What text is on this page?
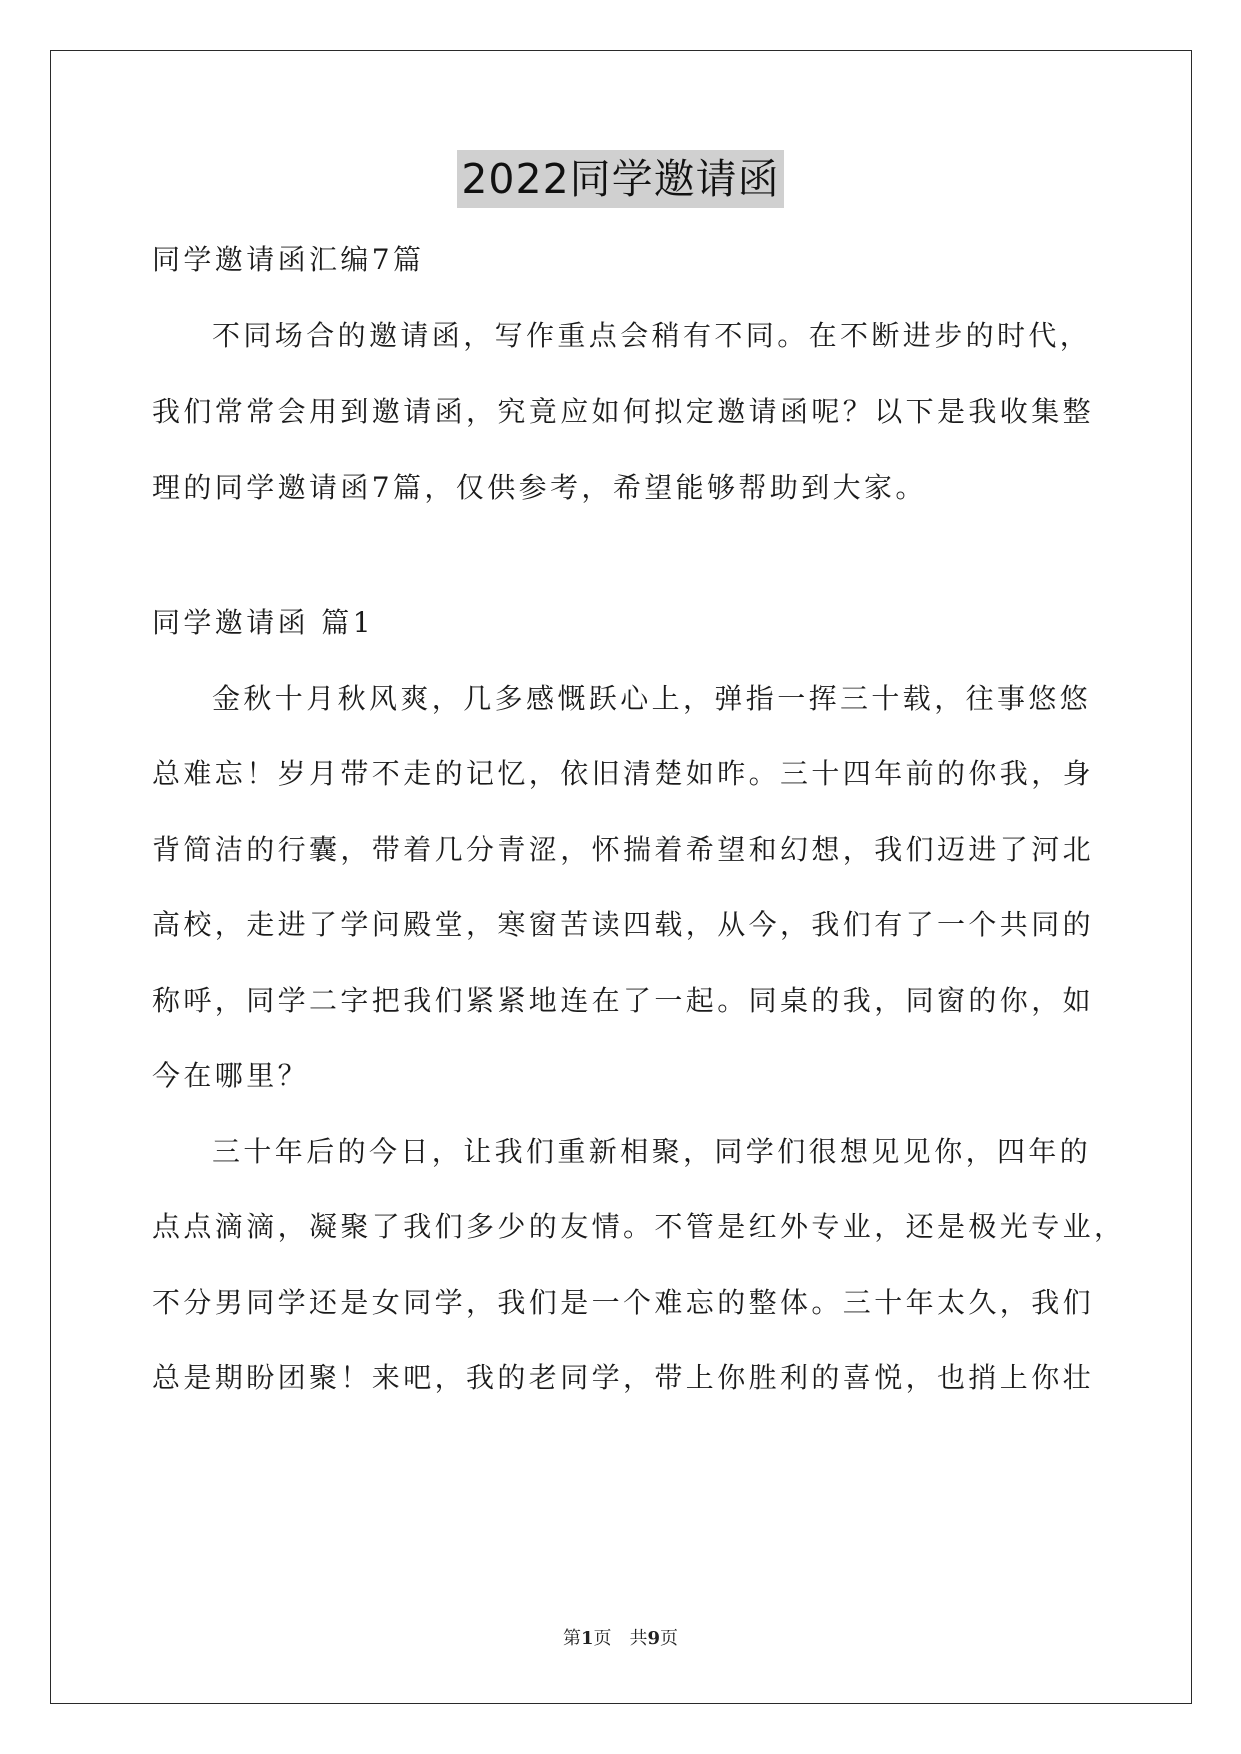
2022同学邀请函
同学邀请函汇编7篇
不同场合的邀请函，写作重点会稍有不同。在不断进步的时代，
我们常常会用到邀请函，究竟应如何拟定邀请函呢？以下是我收集整
理的同学邀请函7篇，仅供参考，希望能够帮助到大家。
同学邀请函 篇1
金秋十月秋风爽，几多感慨跃心上，弹指一挥三十载，往事悠悠
总难忘！岁月带不走的记忆，依旧清楚如昨。三十四年前的你我，身
背简洁的行囊，带着几分青涩，怀揣着希望和幻想，我们迈进了河北
高校，走进了学问殿堂，寒窗苦读四载，从今，我们有了一个共同的
称呼，同学二字把我们紧紧地连在了一起。同桌的我，同窗的你，如
今在哪里？
三十年后的今日，让我们重新相聚，同学们很想见见你，四年的
点点滴滴，凝聚了我们多少的友情。不管是红外专业，还是极光专业，
不分男同学还是女同学，我们是一个难忘的整体。三十年太久，我们
总是期盼团聚！来吧，我的老同学，带上你胜利的喜悦，也捎上你壮
第1页　共9页
